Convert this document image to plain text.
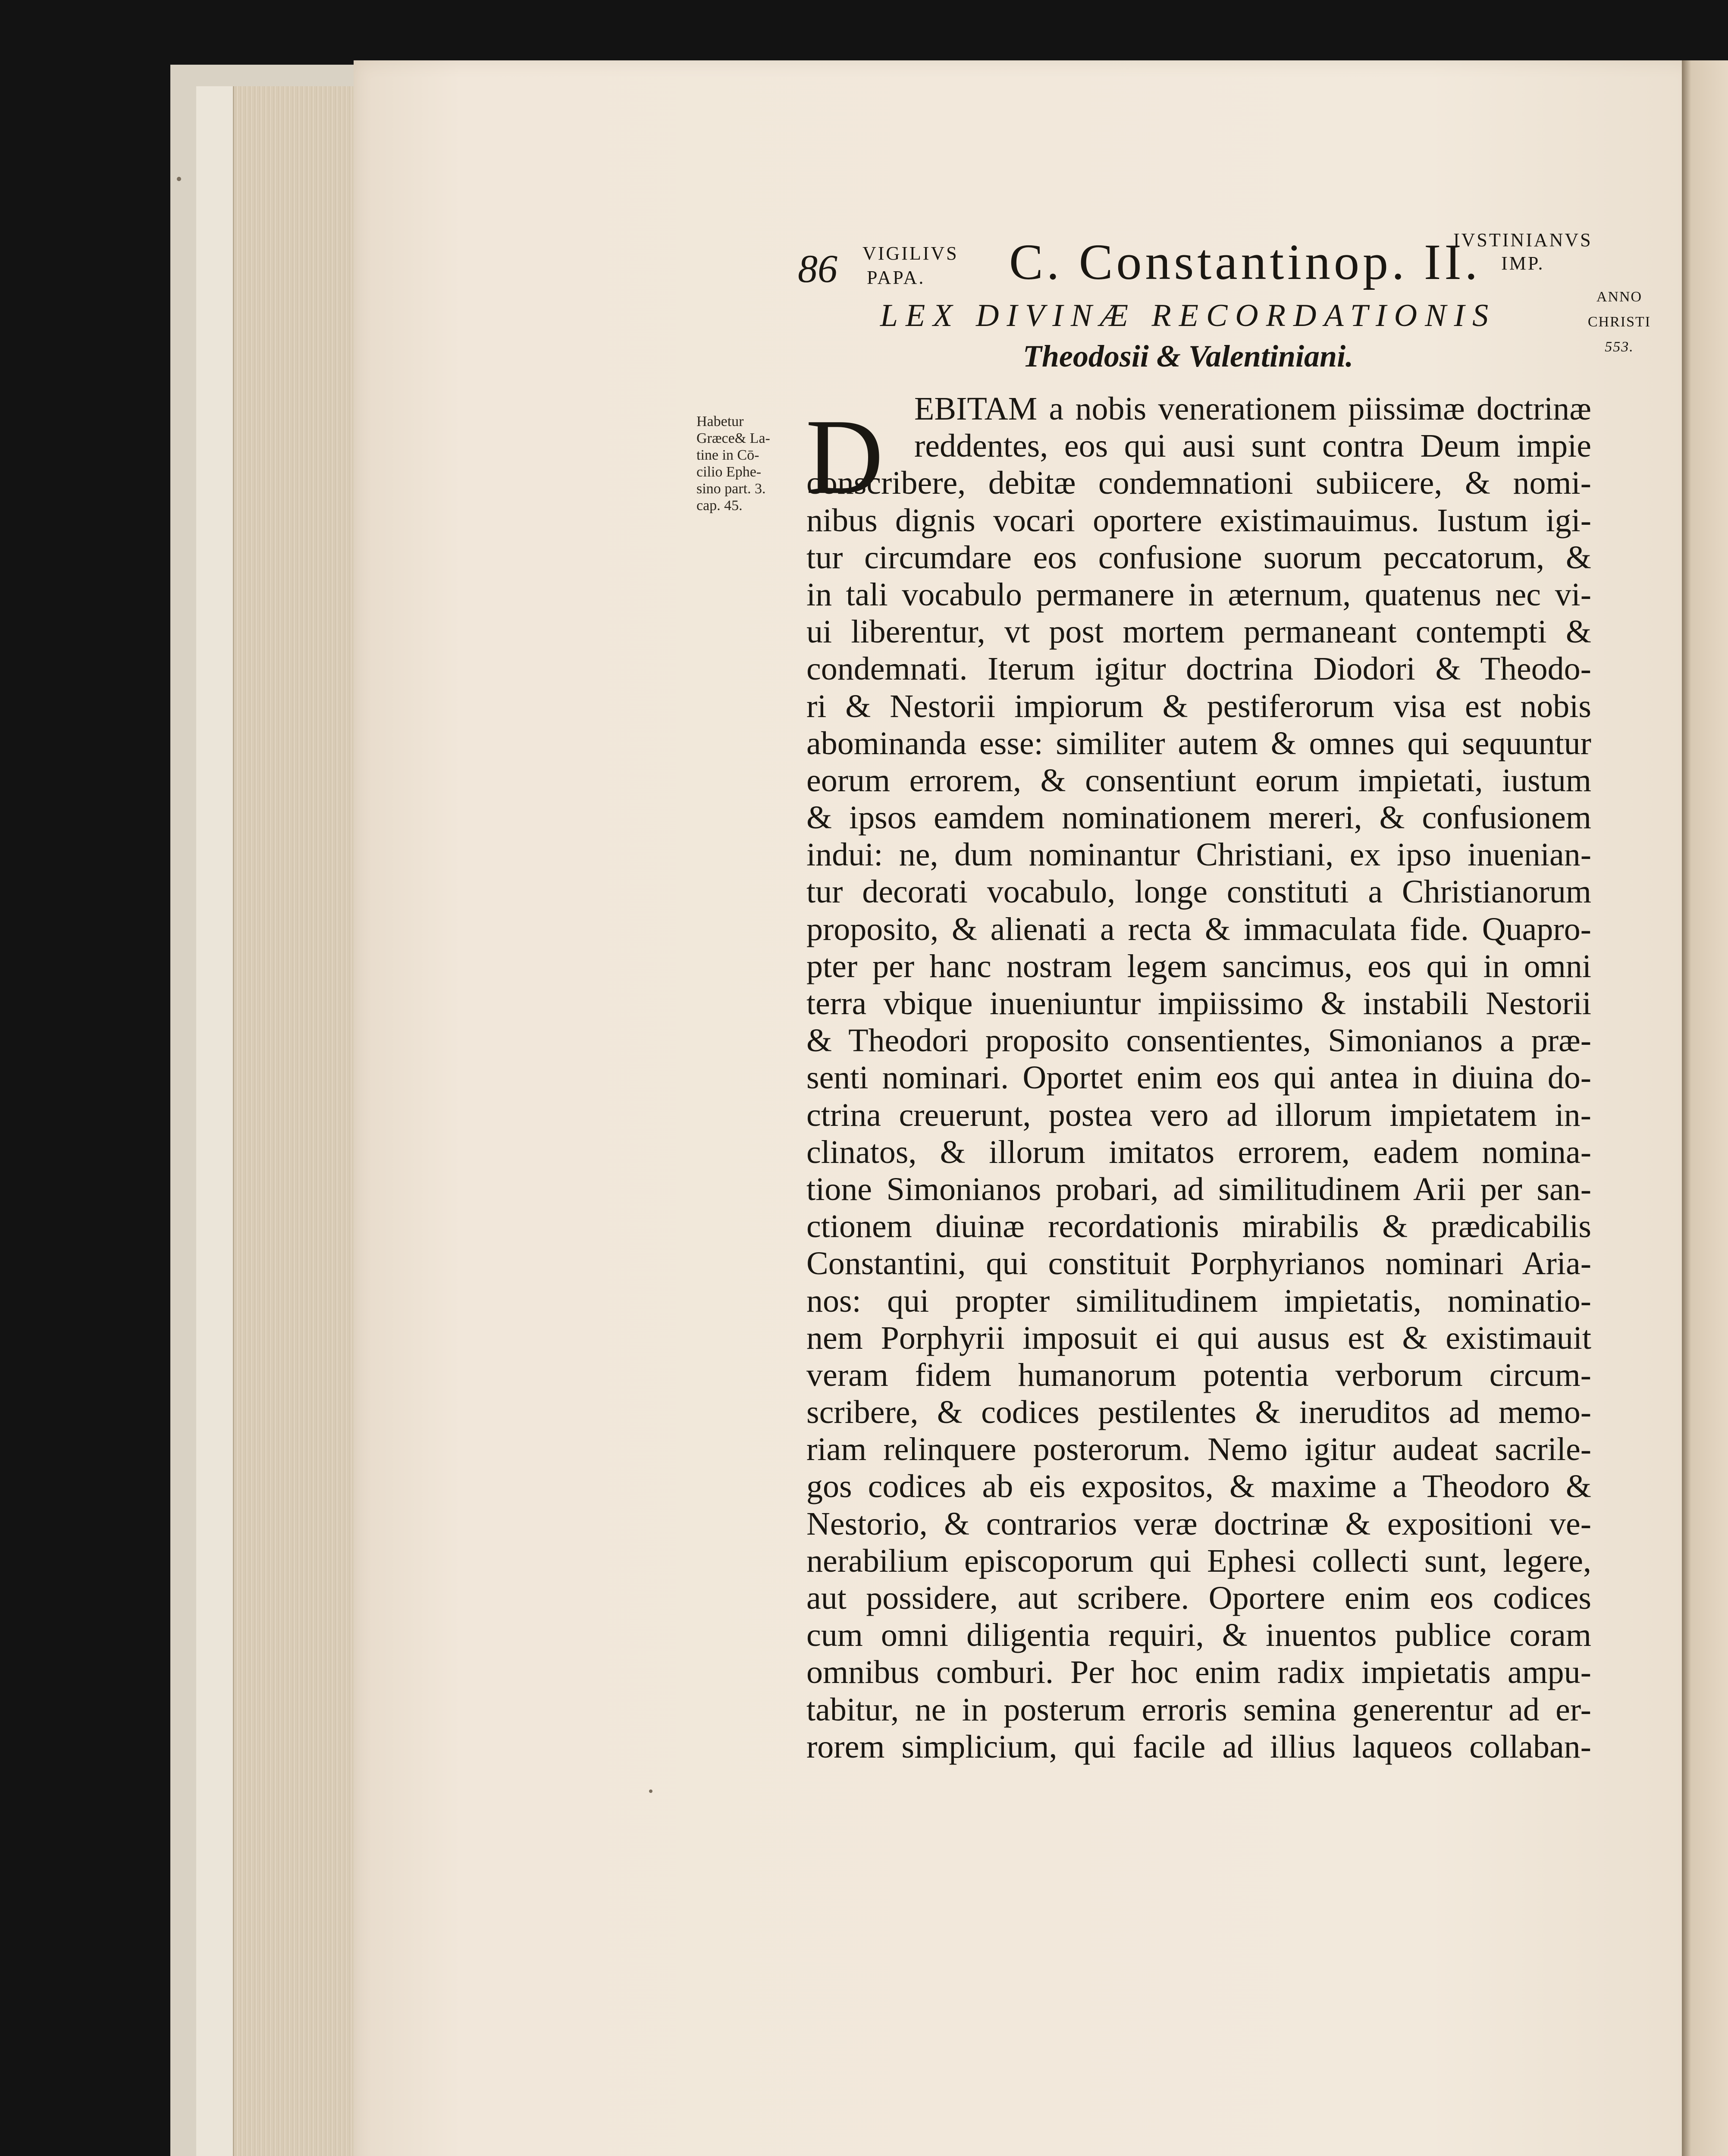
86 VIGILIVS
PAPA.	C. Constantinop. II.
IVSTINIANVS
IMP.
ANNO
CHRISTI
553.
LEX DIVINÆ RECORDATIONIS
Theodosii & Valentiniani.
Habetur
Græce& La-
tine in Cō-
cilio Ephe-
sino part. 3.
cap. 45. D EBITAM a nobis venerationem piissimæ doctrinæ
reddentes, eos qui ausi sunt contra Deum impie
conscribere, debitæ condemnationi subiicere, & nomi-
nibus dignis vocari oportere existimauimus. Iustum igi-
tur circumdare eos confusione suorum peccatorum, &
in tali vocabulo permanere in æternum, quatenus nec vi-
ui liberentur, vt post mortem permaneant contempti &
condemnati. Iterum igitur doctrina Diodori & Theodo-
ri & Nestorii impiorum & pestiferorum visa est nobis
abominanda esse: similiter autem & omnes qui sequuntur
eorum errorem, & consentiunt eorum impietati, iustum
& ipsos eamdem nominationem mereri, & confusionem
indui: ne, dum nominantur Christiani, ex ipso inuenian-
tur decorati vocabulo, longe constituti a Christianorum
proposito, & alienati a recta & immaculata fide. Quapro-
pter per hanc nostram legem sancimus, eos qui in omni
terra vbique inueniuntur impiissimo & instabili Nestorii
& Theodori proposito consentientes, Simonianos a præ-
senti nominari. Oportet enim eos qui antea in diuina do-
ctrina creuerunt, postea vero ad illorum impietatem in-
clinatos, & illorum imitatos errorem, eadem nomina-
tione Simonianos probari, ad similitudinem Arii per san-
ctionem diuinæ recordationis mirabilis & prædicabilis
Constantini, qui constituit Porphyrianos nominari Aria-
nos: qui propter similitudinem impietatis, nominatio-
nem Porphyrii imposuit ei qui ausus est & existimauit
veram fidem humanorum potentia verborum circum-
scribere, & codices pestilentes & ineruditos ad memo-
riam relinquere posterorum. Nemo igitur audeat sacrile-
gos codices ab eis expositos, & maxime a Theodoro &
Nestorio, & contrarios veræ doctrinæ & expositioni ve-
nerabilium episcoporum qui Ephesi collecti sunt, legere,
aut possidere, aut scribere. Oportere enim eos codices
cum omni diligentia requiri, & inuentos publice coram
omnibus comburi. Per hoc enim radix impietatis ampu-
tabitur, ne in posterum erroris semina generentur ad er-
rorem simplicium, qui facile ad illius laqueos collaban-
